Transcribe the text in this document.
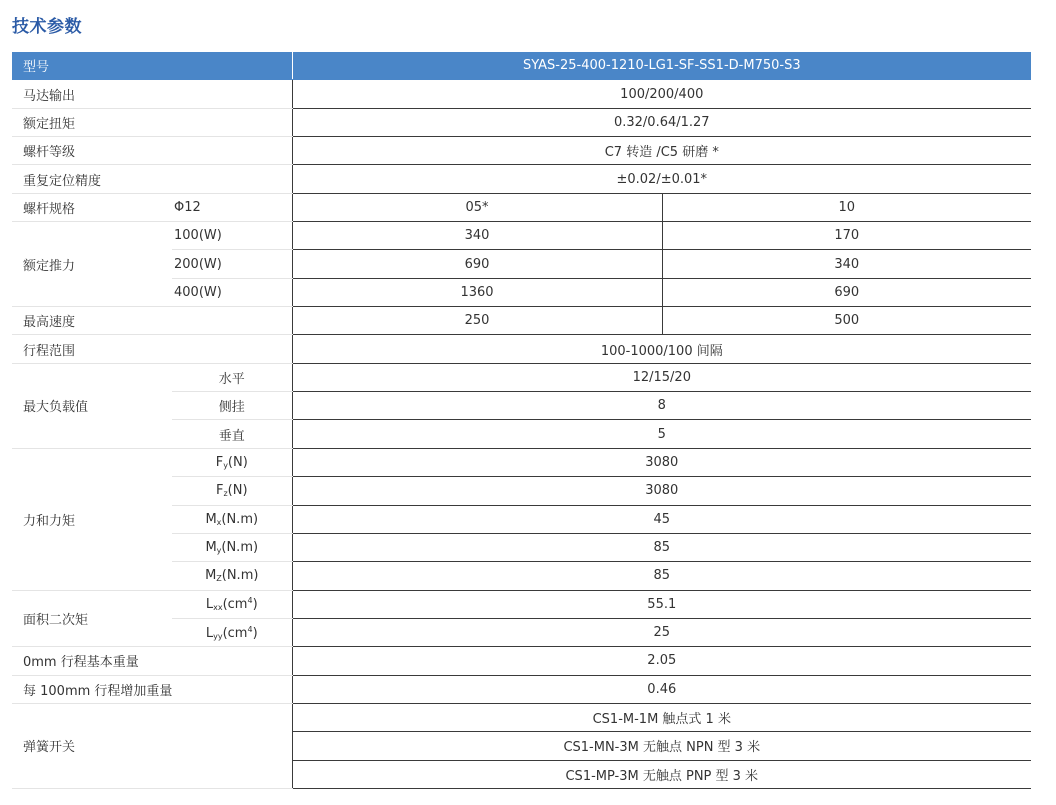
技术参数
型号		SYAS-25-400-1210-LG1-SF-SS1-D-M750-S3	
马达输出		100/200/400	
额定扭矩		0.32/0.64/1.27	
螺杆等级		C7 转造 /C5 研磨 *	
重复定位精度		±0.02/±0.01*	
螺杆规格	Φ12	05*	10
额定推力	100(W)	340	170
	200(W)	690	340
	400(W)	1360	690
最高速度		250	500
行程范围		100-1000/100 间隔	
最大负载值	水平	12/15/20	
	侧挂	8	
	垂直	5	
力和力矩	$F_y(N)$	3080	
	$F_z(N)$	3080	
	$M_x(N.m)$	45	
	$M_y(N.m)$	85	
	$M_Z(N.m)$	85	
面积二次矩	$L_{xx}(cm^4)$	55.1	
	$L_{yy}(cm^4)$	25	
0mm 行程基本重量		2.05	
每 100mm 行程增加重量		0.46	
弹簧开关		CS1-M-1M 触点式 1 米	
		CS1-MN-3M 无触点 NPN 型 3 米	
		CS1-MP-3M 无触点 PNP 型 3 米	
